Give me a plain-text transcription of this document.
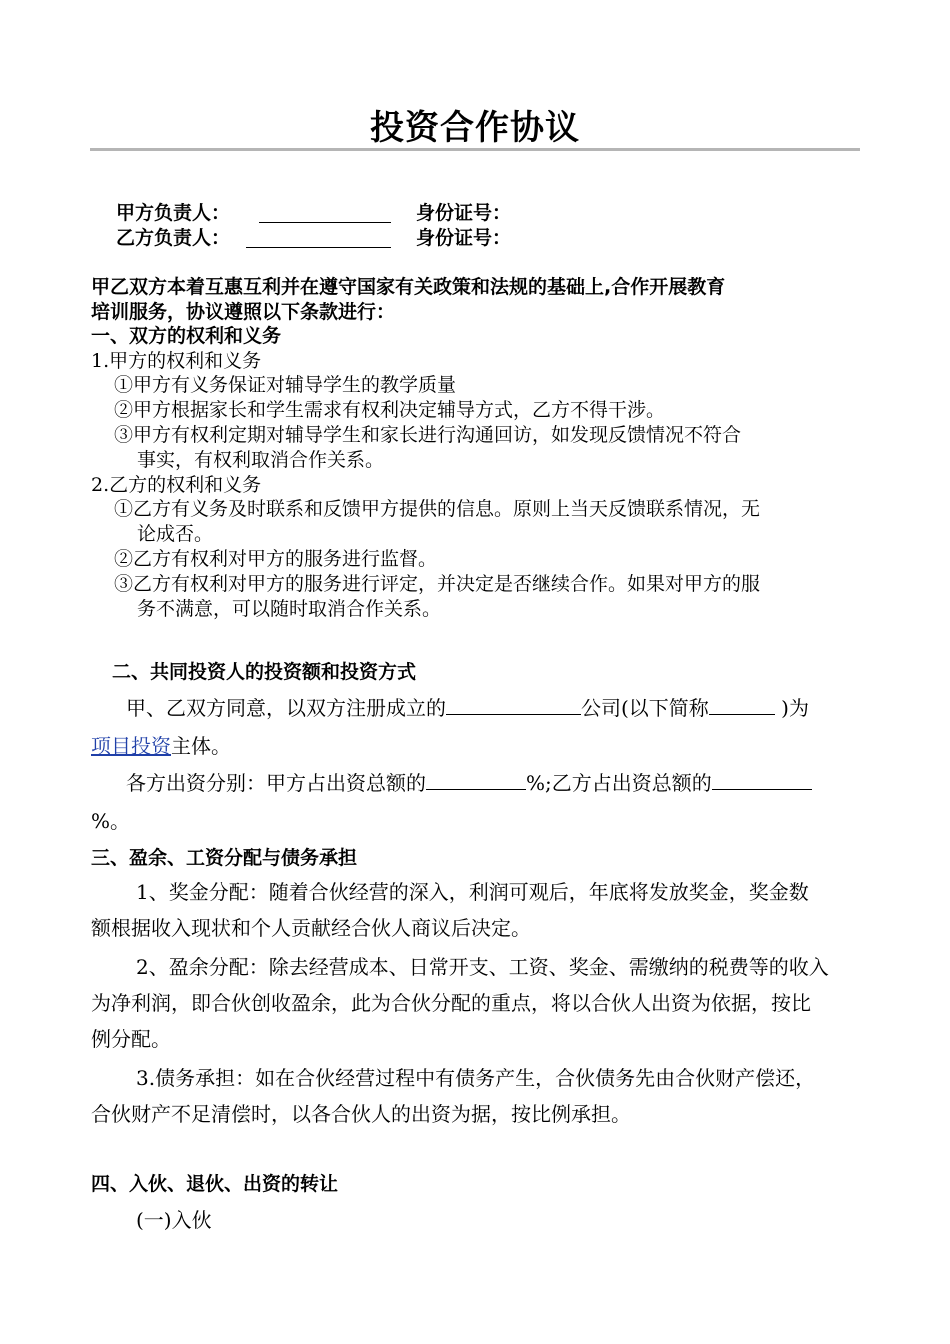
投资合作协议
甲方负责人：	身份证号：
乙方负责人：	身份证号：
甲乙双方本着互惠互利并在遵守国家有关政策和法规的基础上,合作开展教育
培训服务，协议遵照以下条款进行：
一、双方的权利和义务
1.甲方的权利和义务
①甲方有义务保证对辅导学生的教学质量
②甲方根据家长和学生需求有权利决定辅导方式，乙方不得干涉。
③甲方有权利定期对辅导学生和家长进行沟通回访，如发现反馈情况不符合
事实，有权利取消合作关系。
2.乙方的权利和义务
①乙方有义务及时联系和反馈甲方提供的信息。原则上当天反馈联系情况，无
论成否。
②乙方有权利对甲方的服务进行监督。
③乙方有权利对甲方的服务进行评定，并决定是否继续合作。如果对甲方的服
务不满意，可以随时取消合作关系。
二、共同投资人的投资额和投资方式
甲、乙双方同意，以双方注册成立的	公司(以下简称	)为
项目投资主体。
各方出资分别：甲方占出资总额的	%;乙方占出资总额的
%。
三、盈余、工资分配与债务承担
1、奖金分配：随着合伙经营的深入，利润可观后，年底将发放奖金，奖金数
额根据收入现状和个人贡献经合伙人商议后决定。
2、盈余分配：除去经营成本、日常开支、工资、奖金、需缴纳的税费等的收入
为净利润，即合伙创收盈余，此为合伙分配的重点，将以合伙人出资为依据，按比
例分配。
3.债务承担：如在合伙经营过程中有债务产生，合伙债务先由合伙财产偿还，
合伙财产不足清偿时，以各合伙人的出资为据，按比例承担。
四、入伙、退伙、出资的转让
(一)入伙
